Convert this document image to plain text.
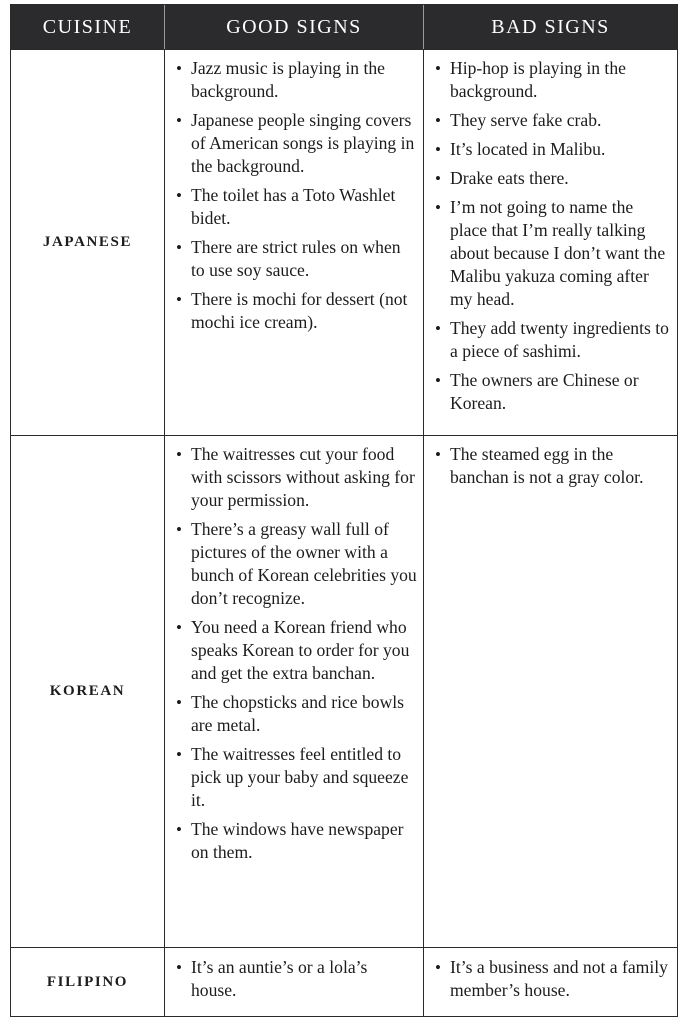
CUISINE	GOOD SIGNS	BAD SIGNS
JAPANESE
• Jazz music is playing in the background.
• Japanese people singing covers of American songs is playing in the background.
• The toilet has a Toto Washlet bidet.
• There are strict rules on when to use soy sauce.
• There is mochi for dessert (not mochi ice cream).
• Hip-hop is playing in the background.
• They serve fake crab.
• It’s located in Malibu.
• Drake eats there.
• I’m not going to name the place that I’m really talking about because I don’t want the Malibu yakuza coming after my head.
• They add twenty ingredients to a piece of sashimi.
• The owners are Chinese or Korean.
KOREAN
• The waitresses cut your food with scissors without asking for your permission.
• There’s a greasy wall full of pictures of the owner with a bunch of Korean celebrities you don’t recognize.
• You need a Korean friend who speaks Korean to order for you and get the extra banchan.
• The chopsticks and rice bowls are metal.
• The waitresses feel entitled to pick up your baby and squeeze it.
• The windows have newspaper on them.
• The steamed egg in the banchan is not a gray color.
FILIPINO
• It’s an auntie’s or a lola’s house.
• It’s a business and not a family member’s house.
